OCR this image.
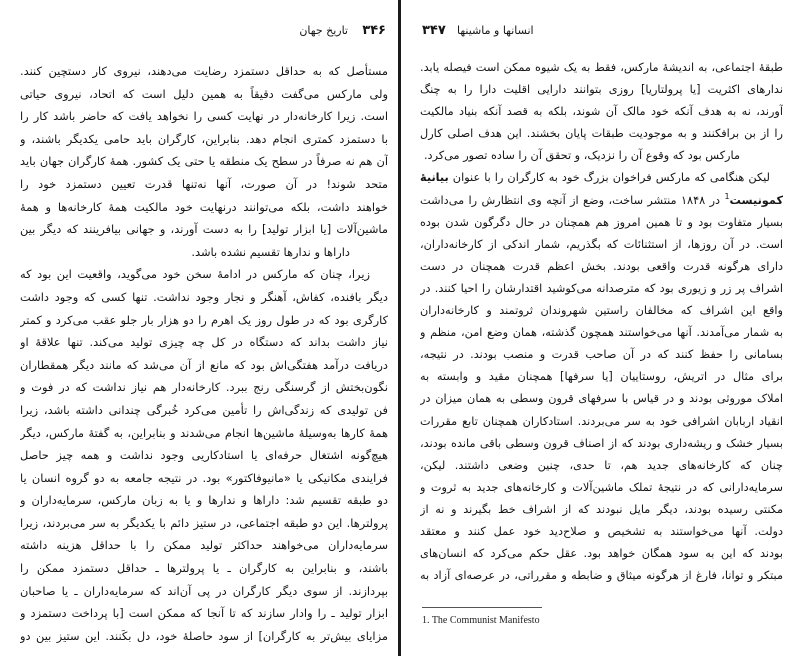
۳۴۶
تاریخ جهان
مستأصل که به حداقل دستمزد رضایت می‌دهند، نیروی کار دستچین کنند.
ولی مارکس می‌گفت دقیقاً به همین دلیل است که اتحاد، نیروی حیاتی
است. زیرا کارخانه‌دار در نهایت کسی را نخواهد یافت که حاضر باشد کار را
با دستمزد کمتری انجام دهد. بنابراین، کارگران باید حامی یکدیگر باشند، و
آن هم نه صرفاً در سطح یک منطقه یا حتی یک کشور. همهٔ کارگران جهان باید
متحد شوند! در آن صورت، آنها نه‌تنها قدرت تعیین دستمزد خود را
خواهند داشت، بلکه می‌توانند درنهایت خود مالکیت همهٔ کارخانه‌ها و همهٔ
ماشین‌آلات [یا ابزار تولید] را به دست آورند، و جهانی بیافرینند که دیگر بین
داراها و ندارها تقسیم نشده باشد.
زیرا، چنان که مارکس در ادامهٔ سخن خود می‌گوید، واقعیت این بود که
دیگر بافنده، کفاش، آهنگر و نجار وجود نداشت. تنها کسی که وجود داشت
کارگری بود که در طول روز یک اهرم را دو هزار بار جلو عقب می‌کرد و کمتر
نیاز داشت بداند که دستگاه در کل چه چیزی تولید می‌کند. تنها علاقهٔ او
دریافت درآمد هفتگی‌اش بود که مانع از آن می‌شد که مانند دیگر همقطاران
نگون‌بختش از گرسنگی رنج ببرد. کارخانه‌دار هم نیاز نداشت که در فوت و
فن تولیدی که زندگی‌اش را تأمین می‌کرد خُبرگی چندانی داشته باشد، زیرا
همهٔ کارها به‌وسیلهٔ ماشین‌ها انجام می‌شدند و بنابراین، به گفتهٔ مارکس، دیگر
هیچ‌گونه اشتغال حرفه‌ای یا استادکاریی وجود نداشت و همه چیز حاصل
فرایندی مکانیکی یا «مانیوفاکتور» بود. در نتیجه جامعه به دو گروه انسان یا
دو طبقه تقسیم شد: داراها و ندارها و یا به زبان مارکس، سرمایه‌داران و
پرولترها. این دو طبقه اجتماعی، در ستیز دائم با یکدیگر به سر می‌بردند، زیرا
سرمایه‌داران می‌خواهند حداکثر تولید ممکن را با حداقل هزینه داشته
باشند، و بنابراین به کارگران ـ یا پرولترها ـ حداقل دستمزد ممکن را
بپردازند. از سوی دیگر کارگران در پی آن‌اند که سرمایه‌داران ـ یا صاحبان
ابزار تولید ـ را وادار سازند که تا آنجا که ممکن است [با پرداخت دستمزد و
مزایای بیش‌تر به کارگران] از سود حاصلهٔ خود، دل بکَنند. این ستیز بین دو
۳۴۷ انسانها و ماشینها
طبقهٔ اجتماعی، به اندیشهٔ مارکس، فقط به یک شیوه ممکن است فیصله یابد.
ندارهای اکثریت [یا پرولتاریا] روزی بتوانند دارایی اقلیت دارا را به چنگ
آورند، نه به هدف آنکه خود مالک آن شوند، بلکه به قصد آنکه بنیاد مالکیت
را از بن برافکنند و به موجودیت طبقات پایان بخشند. این هدف اصلی کارل
مارکس بود که وقوع آن را نزدیک، و تحقق آن را ساده تصور می‌کرد.
لیکن هنگامی که مارکس فراخوان بزرگ خود به کارگران را با عنوان بیانیهٔ
کمونیست$^1$ در ۱۸۴۸ منتشر ساخت، وضع از آنچه وی انتظارش را می‌داشت
بسیار متفاوت بود و تا همین امروز هم همچنان در حال دگرگون شدن بوده
است. در آن روزها، از استثنائات که بگذریم، شمار اندکی از کارخانه‌داران،
دارای هرگونه قدرت واقعی بودند. بخش اعظم قدرت همچنان در دست
اشراف پر زر و زیوری بود که مترصدانه می‌کوشید اقتدارشان را احیا کنند. در
واقع این اشراف که مخالفان راستین شهروندان ثروتمند و کارخانه‌داران
به شمار می‌آمدند. آنها می‌خواستند همچون گذشته، همان وضع امن، منظم و
بسامانی را حفظ کنند که در آن صاحب قدرت و منصب بودند. در نتیجه،
برای مثال در اتریش، روستاییان [یا سرفها] همچنان مقید و وابسته به
املاک موروثی بودند و در قیاس با سرفهای قرون وسطی به همان میزان در
انقیاد اربابان اشرافی خود به سر می‌بردند. استادکاران همچنان تابع مقررات
بسیار خشک و ریشه‌داری بودند که از اصناف قرون وسطی باقی مانده بودند،
چنان که کارخانه‌های جدید هم، تا حدی، چنین وضعی داشتند. لیکن،
سرمایه‌دارانی که در نتیجهٔ تملک ماشین‌آلات و کارخانه‌های جدید به ثروت و
مکنتی رسیده بودند، دیگر مایل نبودند که از اشراف خط بگیرند و نه از
دولت. آنها می‌خواستند به تشخیص و صلاح‌دید خود عمل کنند و معتقد
بودند که این به سود همگان خواهد بود. عقل حکم می‌کرد که انسان‌های
مبتکر و توانا، فارغ از هرگونه میثاق و ضابطه و مقرراتی، در عرصه‌ای آزاد به
1. The Communist Manifesto
